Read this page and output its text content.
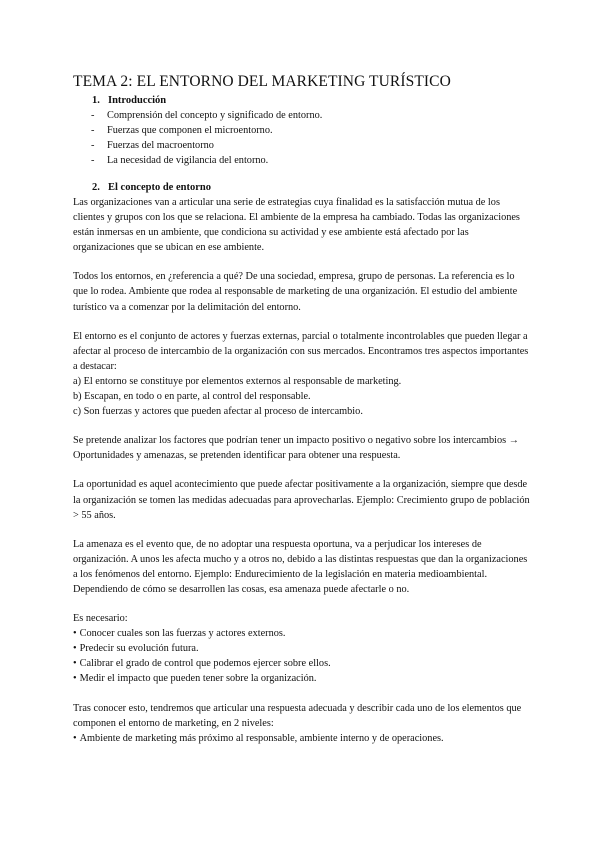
TEMA 2: EL ENTORNO DEL MARKETING TURÍSTICO
1. Introducción
- Comprensión del concepto y significado de entorno.
- Fuerzas que componen el microentorno.
- Fuerzas del macroentorno
- La necesidad de vigilancia del entorno.
2. El concepto de entorno

Las organizaciones van a articular una serie de estrategias cuya finalidad es la satisfacción mutua de los clientes y grupos con los que se relaciona. El ambiente de la empresa ha cambiado. Todas las organizaciones están inmersas en un ambiente, que condiciona su actividad y ese ambiente está afectado por las organizaciones que se ubican en ese ambiente.

Todos los entornos, en ¿referencia a qué? De una sociedad, empresa, grupo de personas. La referencia es lo que lo rodea. Ambiente que rodea al responsable de marketing de una organización. El estudio del ambiente turístico va a comenzar por la delimitación del entorno.

El entorno es el conjunto de actores y fuerzas externas, parcial o totalmente incontrolables que pueden llegar a afectar al proceso de intercambio de la organización con sus mercados. Encontramos tres aspectos importantes a destacar:

a) El entorno se constituye por elementos externos al responsable de marketing.

b) Escapan, en todo o en parte, al control del responsable.

c) Son fuerzas y actores que pueden afectar al proceso de intercambio.

Se pretende analizar los factores que podrían tener un impacto positivo o negativo sobre los intercambios → Oportunidades y amenazas, se pretenden identificar para obtener una respuesta.

La oportunidad es aquel acontecimiento que puede afectar positivamente a la organización, siempre que desde la organización se tomen las medidas adecuadas para aprovecharlas. Ejemplo: Crecimiento grupo de población > 55 años.

La amenaza es el evento que, de no adoptar una respuesta oportuna, va a perjudicar los intereses de organización. A unos les afecta mucho y a otros no, debido a las distintas respuestas que dan la organizaciones a los fenómenos del entorno. Ejemplo: Endurecimiento de la legislación en materia medioambiental. Dependiendo de cómo se desarrollen las cosas, esa amenaza puede afectarle o no.

Es necesario:

• Conocer cuales son las fuerzas y actores externos.

• Predecir su evolución futura.

• Calibrar el grado de control que podemos ejercer sobre ellos.

• Medir el impacto que pueden tener sobre la organización.

Tras conocer esto, tendremos que articular una respuesta adecuada y describir cada uno de los elementos que componen el entorno de marketing, en 2 niveles:

• Ambiente de marketing más próximo al responsable, ambiente interno y de operaciones.
